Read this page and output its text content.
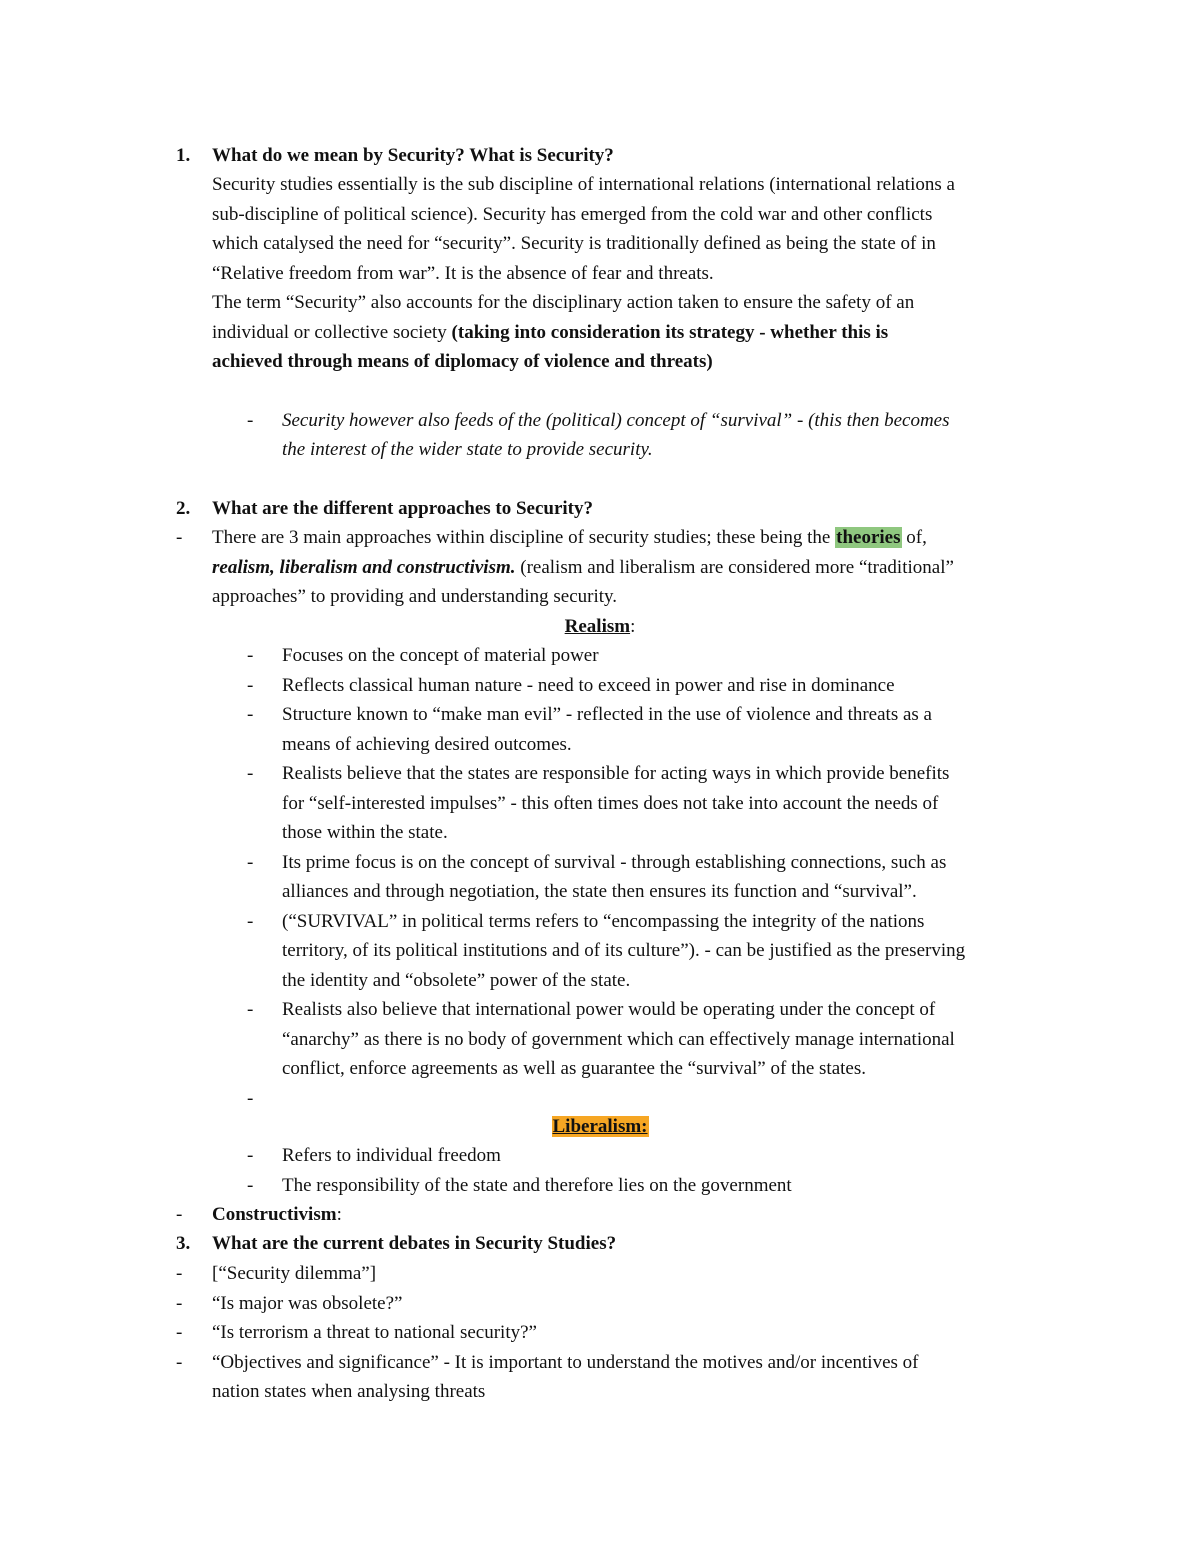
1. What do we mean by Security? What is Security?
Security studies essentially is the sub discipline of international relations (international relations a
sub-discipline of political science). Security has emerged from the cold war and other conflicts
which catalysed the need for “security”. Security is traditionally defined as being the state of in
“Relative freedom from war”. It is the absence of fear and threats.
The term “Security” also accounts for the disciplinary action taken to ensure the safety of an
individual or collective society (taking into consideration its strategy - whether this is
achieved through means of diplomacy of violence and threats)
- Security however also feeds of the (political) concept of “survival” - (this then becomes
the interest of the wider state to provide security.
2. What are the different approaches to Security?
- There are 3 main approaches within discipline of security studies; these being the theories of,
realism, liberalism and constructivism. (realism and liberalism are considered more “traditional”
approaches” to providing and understanding security.
Realism:
- Focuses on the concept of material power
- Reflects classical human nature - need to exceed in power and rise in dominance
- Structure known to “make man evil” - reflected in the use of violence and threats as a
means of achieving desired outcomes.
- Realists believe that the states are responsible for acting ways in which provide benefits
for “self-interested impulses” - this often times does not take into account the needs of
those within the state.
- Its prime focus is on the concept of survival - through establishing connections, such as
alliances and through negotiation, the state then ensures its function and “survival”.
- (“SURVIVAL” in political terms refers to “encompassing the integrity of the nations
territory, of its political institutions and of its culture”). - can be justified as the preserving
the identity and “obsolete” power of the state.
- Realists also believe that international power would be operating under the concept of
“anarchy” as there is no body of government which can effectively manage international
conflict, enforce agreements as well as guarantee the “survival” of the states.
-
Liberalism:
- Refers to individual freedom
- The responsibility of the state and therefore lies on the government
- Constructivism:
3. What are the current debates in Security Studies?
- [“Security dilemma”]
- “Is major was obsolete?”
- “Is terrorism a threat to national security?”
- “Objectives and significance” - It is important to understand the motives and/or incentives of
nation states when analysing threats
